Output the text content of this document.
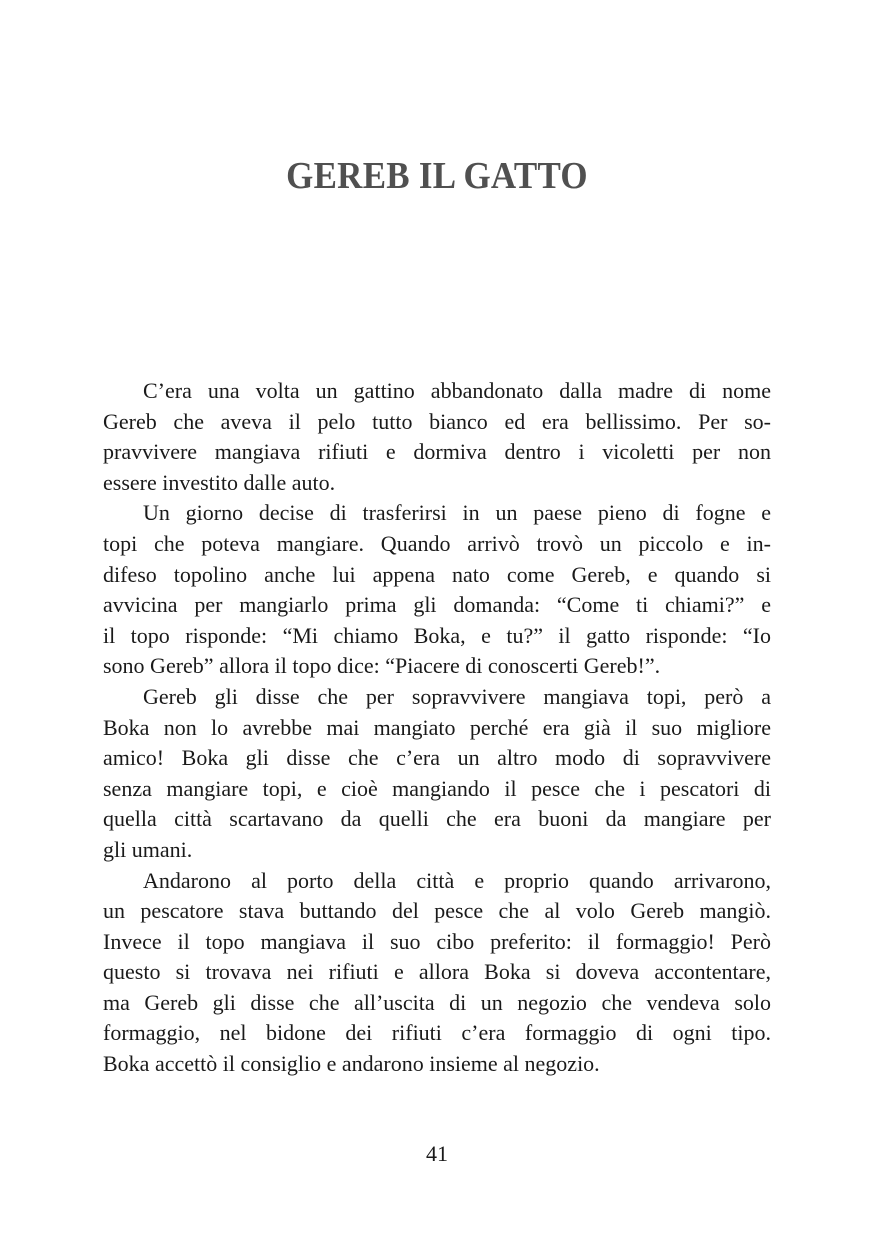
GEREB IL GATTO
C’era una volta un gattino abbandonato dalla madre di nome
Gereb che aveva il pelo tutto bianco ed era bellissimo. Per so-
pravvivere mangiava rifiuti e dormiva dentro i vicoletti per non
essere investito dalle auto.
Un giorno decise di trasferirsi in un paese pieno di fogne e
topi che poteva mangiare. Quando arrivò trovò un piccolo e in-
difeso topolino anche lui appena nato come Gereb, e quando si
avvicina per mangiarlo prima gli domanda: “Come ti chiami?” e
il topo risponde: “Mi chiamo Boka, e tu?” il gatto risponde: “Io
sono Gereb” allora il topo dice: “Piacere di conoscerti Gereb!”.
Gereb gli disse che per sopravvivere mangiava topi, però a
Boka non lo avrebbe mai mangiato perché era già il suo migliore
amico! Boka gli disse che c’era un altro modo di sopravvivere
senza mangiare topi, e cioè mangiando il pesce che i pescatori di
quella città scartavano da quelli che era buoni da mangiare per
gli umani.
Andarono al porto della città e proprio quando arrivarono,
un pescatore stava buttando del pesce che al volo Gereb mangiò.
Invece il topo mangiava il suo cibo preferito: il formaggio! Però
questo si trovava nei rifiuti e allora Boka si doveva accontentare,
ma Gereb gli disse che all’uscita di un negozio che vendeva solo
formaggio, nel bidone dei rifiuti c’era formaggio di ogni tipo.
Boka accettò il consiglio e andarono insieme al negozio.
41
